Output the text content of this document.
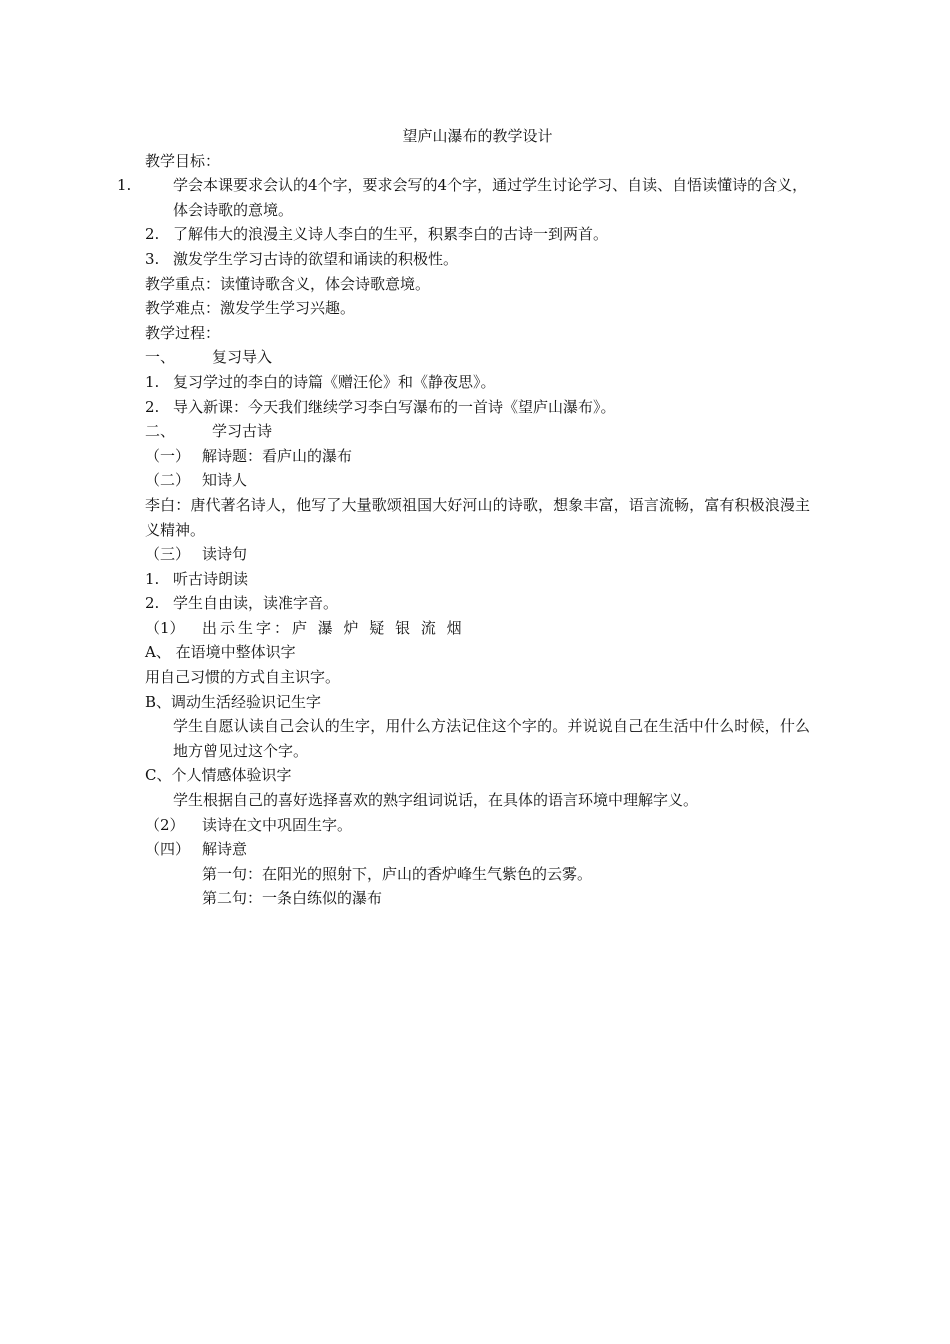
望庐山瀑布的教学设计
教学目标：
1.	学会本课要求会认的4个字，要求会写的4个字，通过学生讨论学习、自读、自悟读懂诗的含义，体会诗歌的意境。
2. 了解伟大的浪漫主义诗人李白的生平，积累李白的古诗一到两首。
3. 激发学生学习古诗的欲望和诵读的积极性。
教学重点：读懂诗歌含义，体会诗歌意境。
教学难点：激发学生学习兴趣。
教学过程：
一、 复习导入
1. 复习学过的李白的诗篇《赠汪伦》和《静夜思》。
2. 导入新课：今天我们继续学习李白写瀑布的一首诗《望庐山瀑布》。
二、 学习古诗
（一） 解诗题：看庐山的瀑布
（二） 知诗人
李白：唐代著名诗人，他写了大量歌颂祖国大好河山的诗歌，想象丰富，语言流畅，富有积极浪漫主义精神。
（三） 读诗句
1. 听古诗朗读
2. 学生自由读，读准字音。
（1） 出示生字：庐 瀑 炉 疑 银 流 烟
A、 在语境中整体识字
用自己习惯的方式自主识字。
B、调动生活经验识记生字
学生自愿认读自己会认的生字，用什么方法记住这个字的。并说说自己在生活中什么时候，什么地方曾见过这个字。
C、个人情感体验识字
学生根据自己的喜好选择喜欢的熟字组词说话，在具体的语言环境中理解字义。
（2） 读诗在文中巩固生字。
（四） 解诗意
第一句：在阳光的照射下，庐山的香炉峰生气紫色的云雾。
第二句：一条白练似的瀑布
